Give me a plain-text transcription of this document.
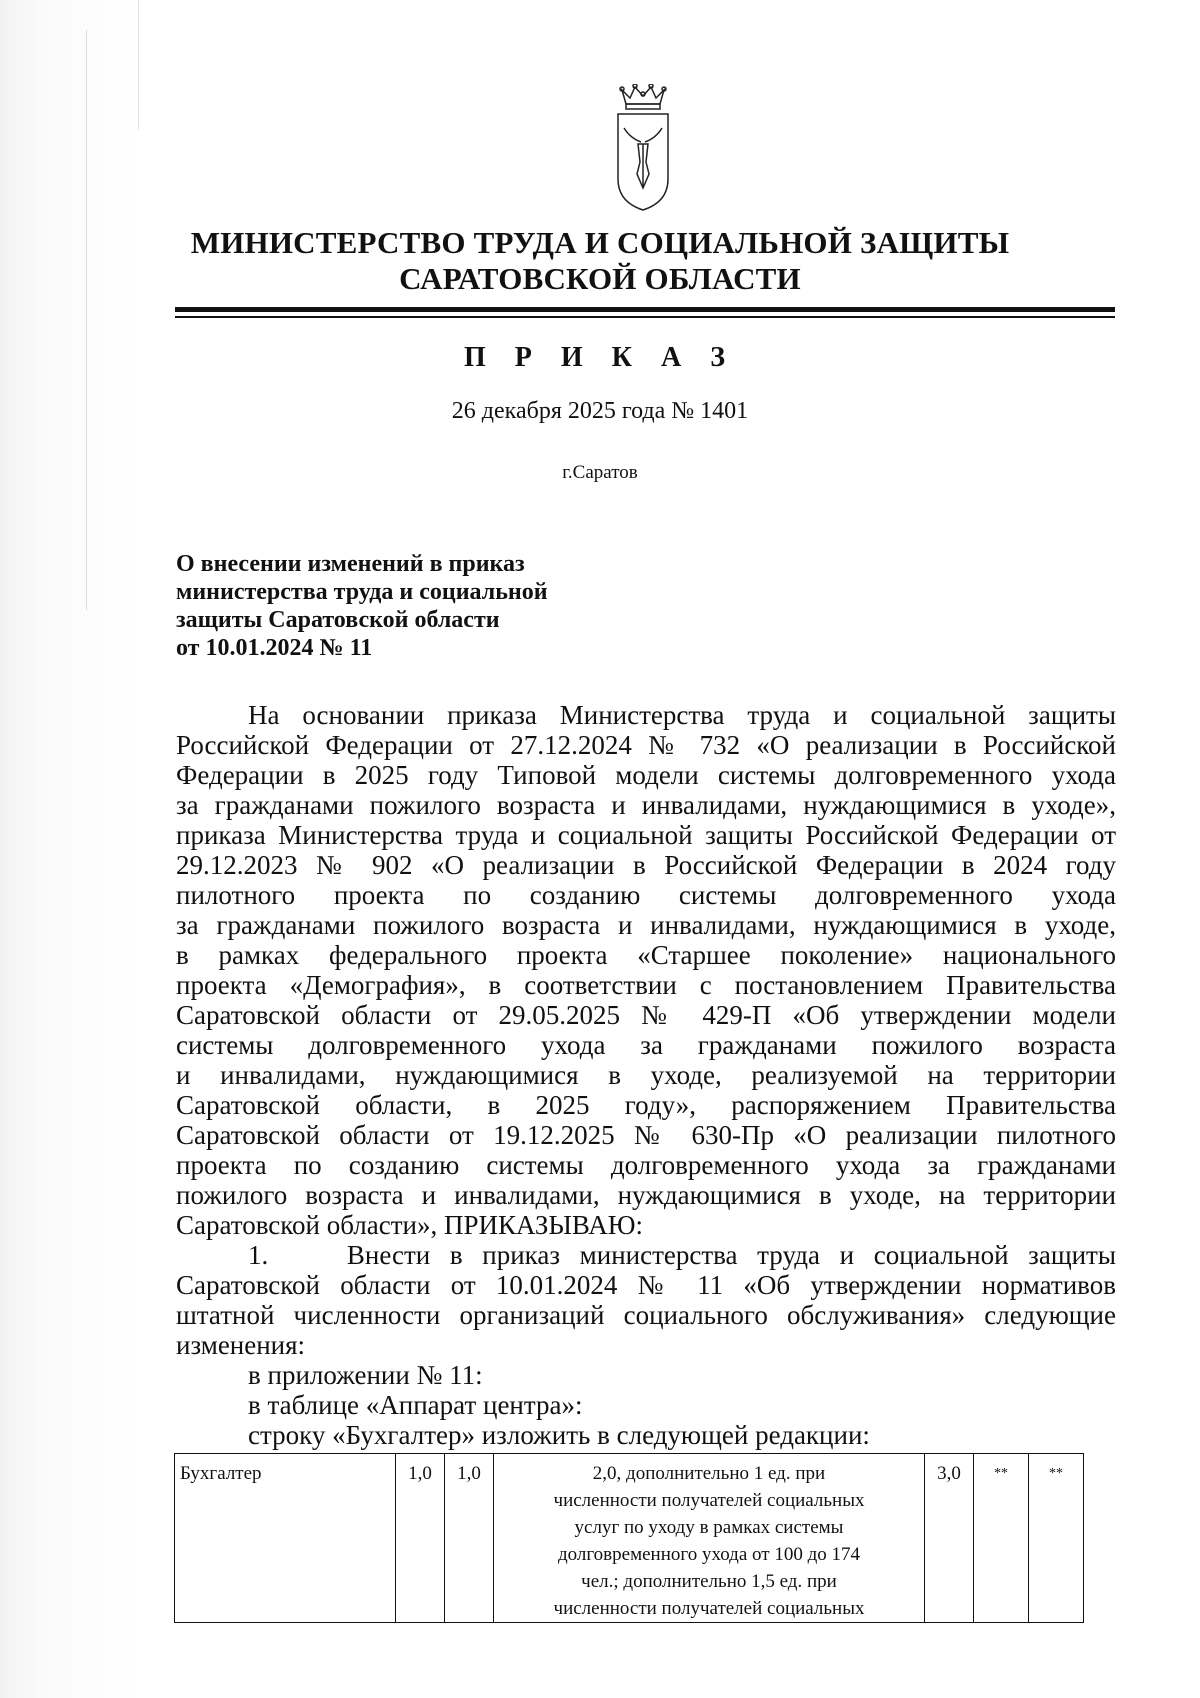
МИНИСТЕРСТВО ТРУДА И СОЦИАЛЬНОЙ ЗАЩИТЫ
САРАТОВСКОЙ ОБЛАСТИ
П Р И К А З
26 декабря 2025 года № 1401
г.Саратов
О внесении изменений в приказ
министерства труда и социальной
защиты Саратовской области
от 10.01.2024 № 11
На основании приказа Министерства труда и социальной защиты
Российской Федерации от 27.12.2024 № 732 «О реализации в Российской
Федерации в 2025 году Типовой модели системы долговременного ухода
за гражданами пожилого возраста и инвалидами, нуждающимися в уходе»,
приказа Министерства труда и социальной защиты Российской Федерации от
29.12.2023 № 902 «О реализации в Российской Федерации в 2024 году
пилотного проекта по созданию системы долговременного ухода
за гражданами пожилого возраста и инвалидами, нуждающимися в уходе,
в рамках федерального проекта «Старшее поколение» национального
проекта «Демография», в соответствии с постановлением Правительства
Саратовской области от 29.05.2025 № 429-П «Об утверждении модели
системы долговременного ухода за гражданами пожилого возраста
и инвалидами, нуждающимися в уходе, реализуемой на территории
Саратовской области, в 2025 году», распоряжением Правительства
Саратовской области от 19.12.2025 № 630-Пр «О реализации пилотного
проекта по созданию системы долговременного ухода за гражданами
пожилого возраста и инвалидами, нуждающимися в уходе, на территории
Саратовской области», ПРИКАЗЫВАЮ:
1.    Внести в приказ министерства труда и социальной защиты
Саратовской области от 10.01.2024 № 11 «Об утверждении нормативов
штатной численности организаций социального обслуживания» следующие
изменения:
в приложении № 11:
в таблице «Аппарат центра»:
строку «Бухгалтер» изложить в следующей редакции:
Бухгалтер	1,0	1,0	2,0, дополнительно 1 ед. при
численности получателей социальных
услуг по уходу в рамках системы
долговременного ухода от 100 до 174
чел.; дополнительно 1,5 ед. при
численности получателей социальных
	3,0	**	**
